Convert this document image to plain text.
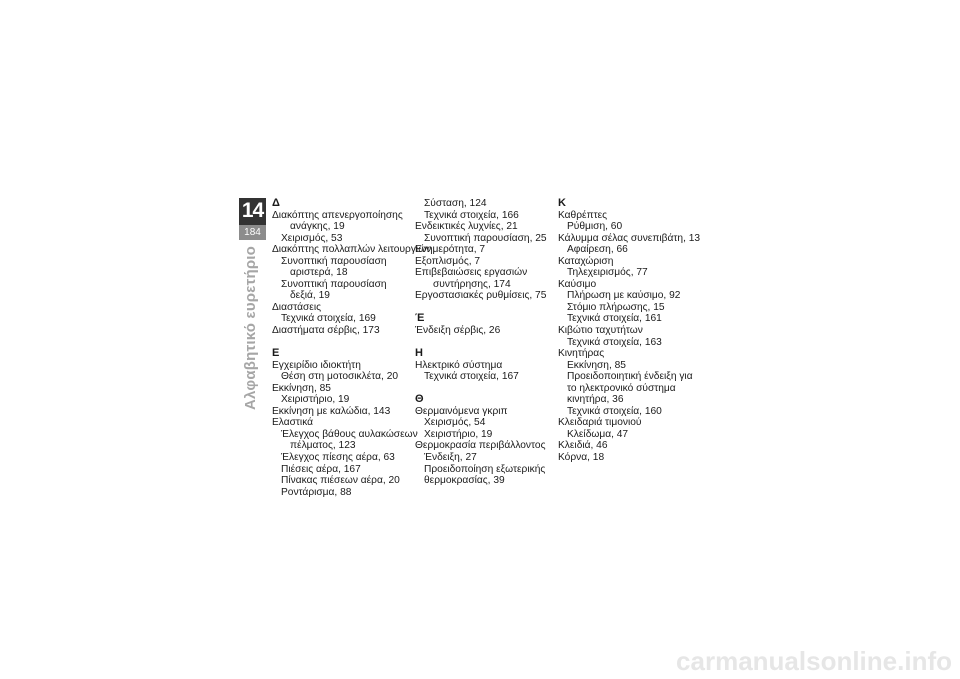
14
184
Αλφαβητικό ευρετήριο
Δ
Διακόπτης απενεργοποίησης
ανάγκης, 19
Χειρισμός, 53
Διακόπτης πολλαπλών λειτουργιών
Συνοπτική παρουσίαση
αριστερά, 18
Συνοπτική παρουσίαση
δεξιά, 19
Διαστάσεις
Τεχνικά στοιχεία, 169
Διαστήματα σέρβις, 173
Ε
Εγχειρίδιο ιδιοκτήτη
Θέση στη μοτοσικλέτα, 20
Εκκίνηση, 85
Χειριστήριο, 19
Εκκίνηση με καλώδια, 143
Ελαστικά
Έλεγχος βάθους αυλακώσεων
πέλματος, 123
Έλεγχος πίεσης αέρα, 63
Πιέσεις αέρα, 167
Πίνακας πιέσεων αέρα, 20
Ροντάρισμα, 88
Σύσταση, 124
Τεχνικά στοιχεία, 166
Ενδεικτικές λυχνίες, 21
Συνοπτική παρουσίαση, 25
Ενημερότητα, 7
Εξοπλισμός, 7
Επιβεβαιώσεις εργασιών
συντήρησης, 174
Εργοστασιακές ρυθμίσεις, 75
Έ
Ένδειξη σέρβις, 26
Η
Ηλεκτρικό σύστημα
Τεχνικά στοιχεία, 167
Θ
Θερμαινόμενα γκριπ
Χειρισμός, 54
Χειριστήριο, 19
Θερμοκρασία περιβάλλοντος
Ένδειξη, 27
Προειδοποίηση εξωτερικής
θερμοκρασίας, 39
Κ
Καθρέπτες
Ρύθμιση, 60
Κάλυμμα σέλας συνεπιβάτη, 13
Αφαίρεση, 66
Καταχώριση
Τηλεχειρισμός, 77
Καύσιμο
Πλήρωση με καύσιμο, 92
Στόμιο πλήρωσης, 15
Τεχνικά στοιχεία, 161
Κιβώτιο ταχυτήτων
Τεχνικά στοιχεία, 163
Κινητήρας
Εκκίνηση, 85
Προειδοποιητική ένδειξη για
το ηλεκτρονικό σύστημα
κινητήρα, 36
Τεχνικά στοιχεία, 160
Κλειδαριά τιμονιού
Κλείδωμα, 47
Κλειδιά, 46
Κόρνα, 18
carmanualsonline.info
